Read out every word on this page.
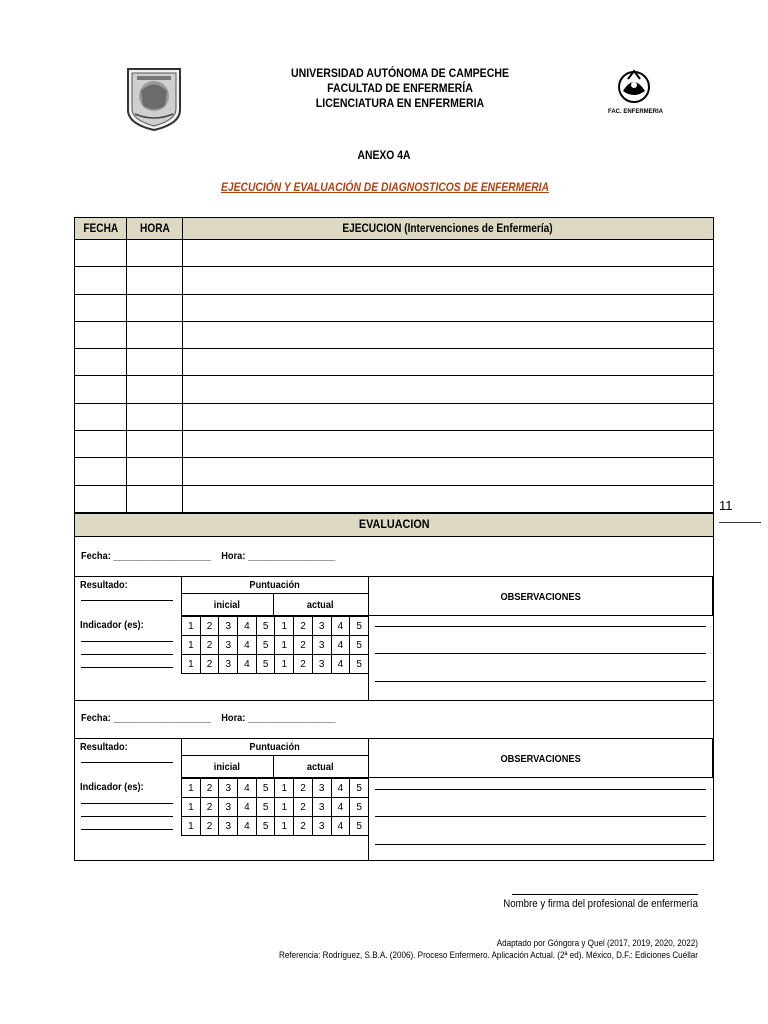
UNIVERSIDAD AUTÓNOMA DE CAMPECHE
FACULTAD DE ENFERMERÍA
LICENCIATURA EN ENFERMERIA
FAC. ENFERMERIA
ANEXO 4A
EJECUCIÓN Y EVALUACIÓN DE DIAGNOSTICOS DE ENFERMERIA
FECHA	HORA	EJECUCION (Intervenciones de Enfermería)

EVALUACION
Fecha: ___________________ Hora: _________________
Resultado:
Indicador (es):
Puntuación
inicial	actual
OBSERVACIONES
1	2	3	4	5	1	2	3	4	5
1	2	3	4	5	1	2	3	4	5
1	2	3	4	5	1	2	3	4	5
Fecha: ___________________ Hora: _________________
Resultado:
Indicador (es):
Puntuación
inicial	actual
OBSERVACIONES
1	2	3	4	5	1	2	3	4	5
1	2	3	4	5	1	2	3	4	5
1	2	3	4	5	1	2	3	4	5
11
Nombre y firma del profesional de enfermería
Adaptado por Góngora y Quel (2017, 2019, 2020, 2022)
Referencia: Rodríguez, S.B.A. (2006). Proceso Enfermero. Aplicación Actual. (2ª ed). México, D.F.: Ediciones Cuéllar
